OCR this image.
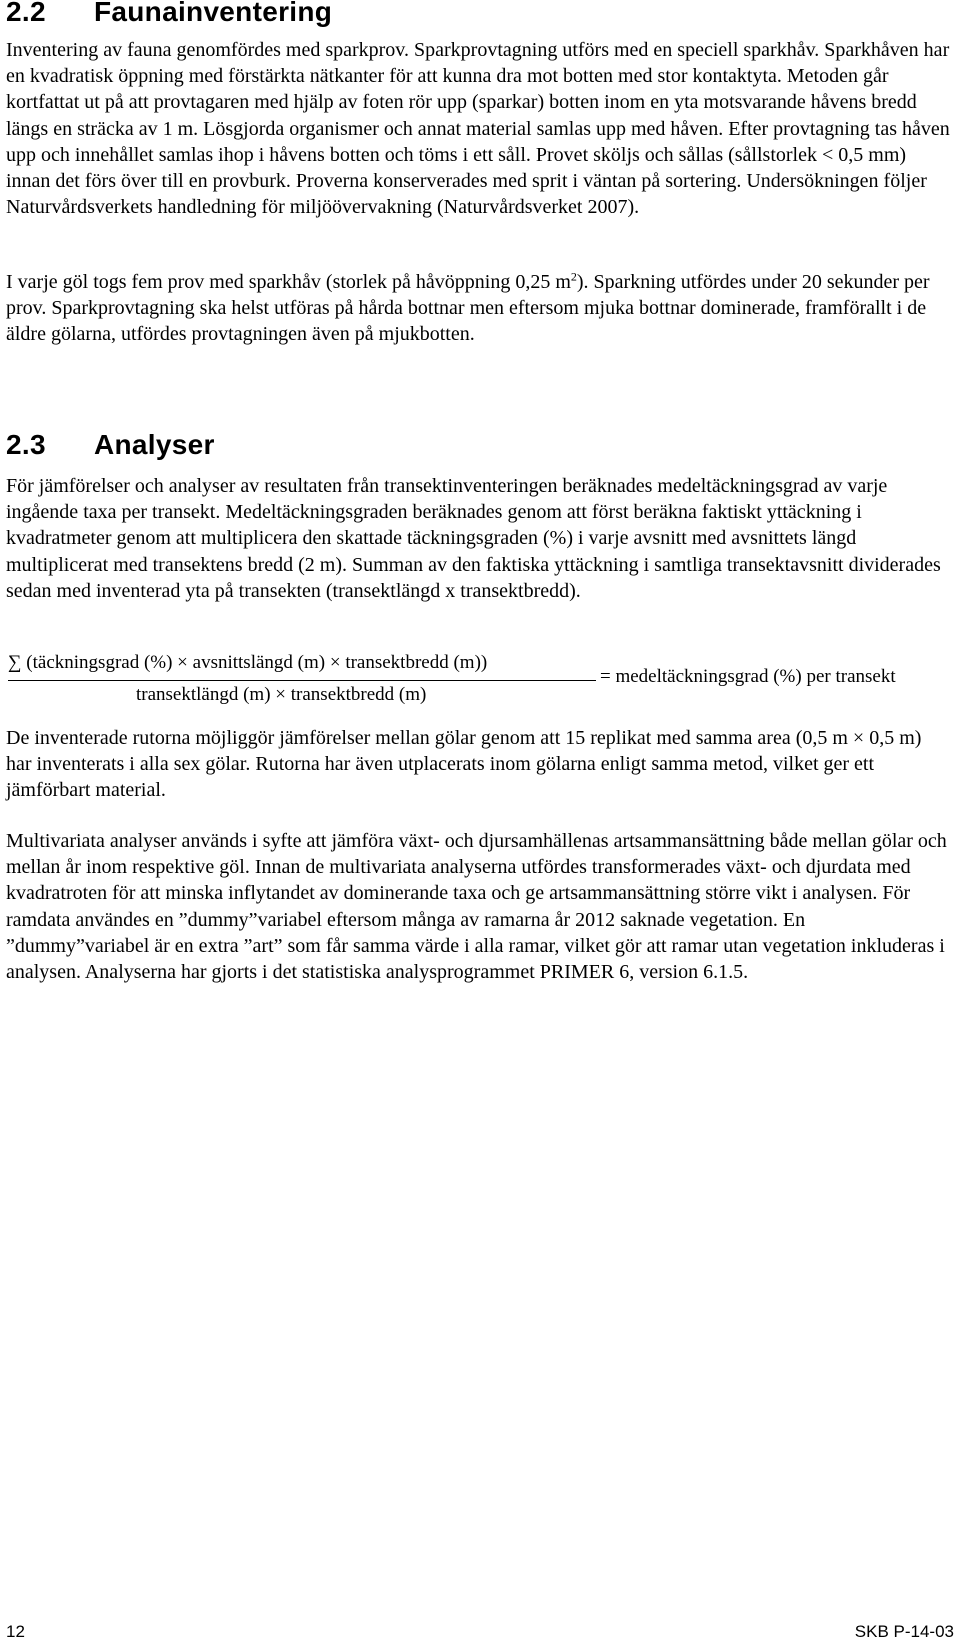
2.2 Faunainventering

Inventering av fauna genomfördes med sparkprov. Sparkprovtagning utförs med en speciell sparkhåv. Sparkhåven har en kvadratisk öppning med förstärkta nätkanter för att kunna dra mot botten med stor kontaktyta. Metoden går kortfattat ut på att provtagaren med hjälp av foten rör upp (sparkar) botten inom en yta motsvarande håvens bredd längs en sträcka av 1 m. Lösgjorda organismer och annat material samlas upp med håven. Efter provtagning tas håven upp och innehållet samlas ihop i håvens botten och töms i ett såll. Provet sköljs och sållas (sållstorlek < 0,5 mm) innan det förs över till en provburk. Proverna konserverades med sprit i väntan på sortering. Undersökningen följer Naturvårdsverkets handledning för miljöövervakning (Naturvårdsverket 2007).

I varje göl togs fem prov med sparkhåv (storlek på håvöppning 0,25 $m^2$). Sparkning utfördes under 20 sekunder per prov. Sparkprovtagning ska helst utföras på hårda bottnar men eftersom mjuka bottnar dominerade, framförallt i de äldre gölarna, utfördes provtagningen även på mjukbotten.

2.3 Analyser

För jämförelser och analyser av resultaten från transektinventeringen beräknades medeltäckningsgrad av varje ingående taxa per transekt. Medeltäckningsgraden beräknades genom att först beräkna faktiskt yttäckning i kvadratmeter genom att multiplicera den skattade täckningsgraden (%) i varje avsnitt med avsnittets längd multiplicerat med transektens bredd (2 m). Summan av den faktiska yttäckning i samtliga transektavsnitt dividerades sedan med inventerad yta på transekten (transektlängd x transektbredd).

∑ (täckningsgrad (%) × avsnittslängd (m) × transektbredd (m))
transektlängd (m) × transektbredd (m)
= medeltäckningsgrad (%) per transekt

De inventerade rutorna möjliggör jämförelser mellan gölar genom att 15 replikat med samma area (0,5 m × 0,5 m) har inventerats i alla sex gölar. Rutorna har även utplacerats inom gölarna enligt samma metod, vilket ger ett jämförbart material.

Multivariata analyser används i syfte att jämföra växt- och djursamhällenas artsammansättning både mellan gölar och mellan år inom respektive göl. Innan de multivariata analyserna utfördes transformerades växt- och djurdata med kvadratroten för att minska inflytandet av dominerande taxa och ge artsammansättning större vikt i analysen. För ramdata användes en ”dummy”variabel eftersom många av ramarna år 2012 saknade vegetation. En ”dummy”variabel är en extra ”art” som får samma värde i alla ramar, vilket gör att ramar utan vegetation inkluderas i analysen. Analyserna har gjorts i det statistiska analysprogrammet PRIMER 6, version 6.1.5.

12	SKB P-14-03
